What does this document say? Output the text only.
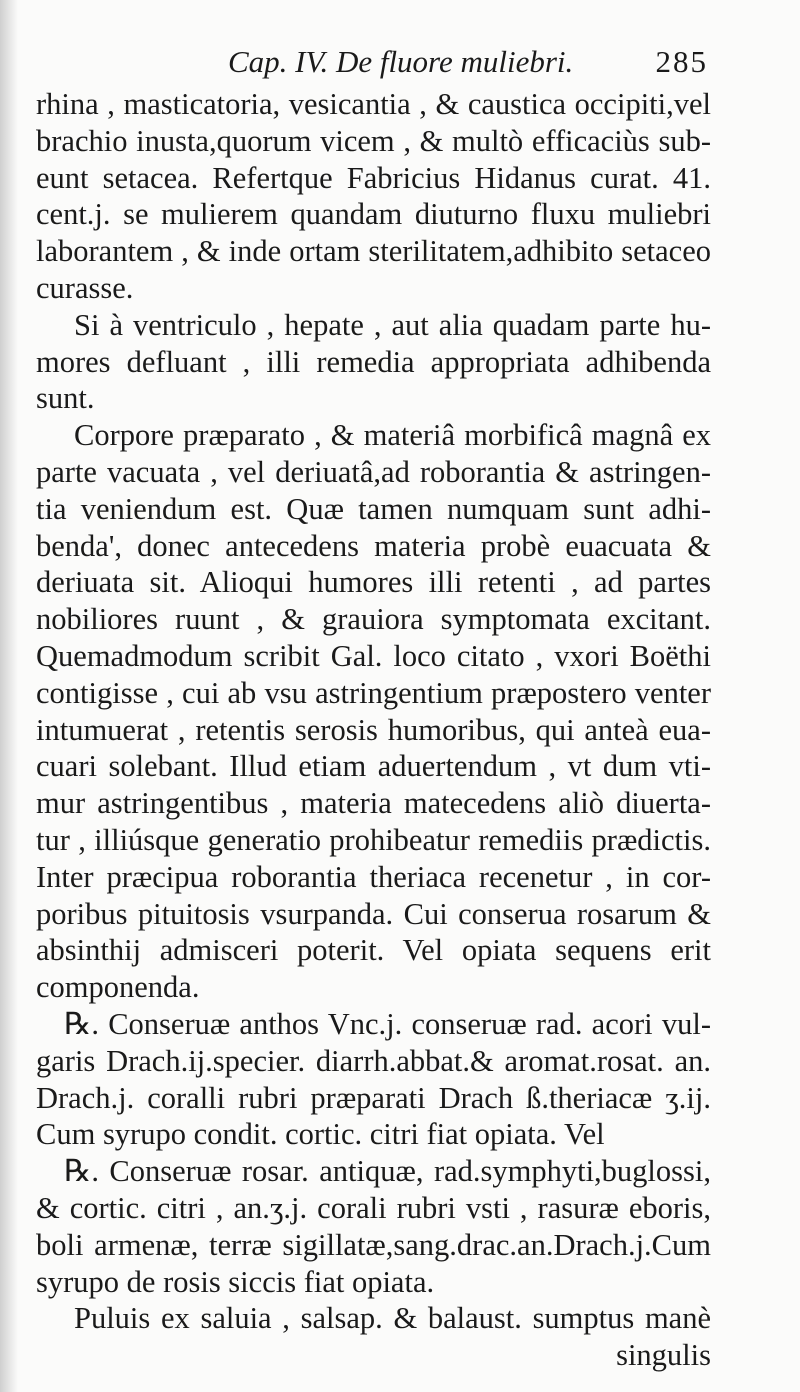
Cap. IV. De fluore muliebri.	285
rhina , masticatoria, vesicantia , & caustica occipiti,vel
brachio inusta,quorum vicem , & multò efficaciùs sub-
eunt setacea. Refertque Fabricius Hidanus curat. 41.
cent.j. se mulierem quandam diuturno fluxu muliebri
laborantem , & inde ortam sterilitatem,adhibito setaceo
curasse.
Si à ventriculo , hepate , aut alia quadam parte hu-
mores defluant , illi remedia appropriata adhibenda
sunt.
Corpore præparato , & materiâ morbificâ magnâ ex
parte vacuata , vel deriuatâ,ad roborantia & astringen-
tia veniendum est. Quæ tamen numquam sunt adhi-
benda', donec antecedens materia probè euacuata &
deriuata sit. Alioqui humores illi retenti , ad partes
nobiliores ruunt , & grauiora symptomata excitant.
Quemadmodum scribit Gal. loco citato , vxori Boëthi
contigisse , cui ab vsu astringentium præpostero venter
intumuerat , retentis serosis humoribus, qui anteà eua-
cuari solebant. Illud etiam aduertendum , vt dum vti-
mur astringentibus , materia matecedens aliò diuerta-
tur , illiúsque generatio prohibeatur remediis prædictis.
Inter præcipua roborantia theriaca recenetur , in cor-
poribus pituitosis vsurpanda. Cui conserua rosarum &
absinthij admisceri poterit. Vel opiata sequens erit
componenda.
℞. Conseruæ anthos Vnc.j. conseruæ rad. acori vul-
garis Drach.ij.specier. diarrh.abbat.& aromat.rosat. an.
Drach.j. coralli rubri præparati Drach ß.theriacæ ʒ.ij.
Cum syrupo condit. cortic. citri fiat opiata. Vel
℞. Conseruæ rosar. antiquæ, rad.symphyti,buglossi,
& cortic. citri , an.ʒ.j. corali rubri vsti , rasuræ eboris,
boli armenæ, terræ sigillatæ,sang.drac.an.Drach.j.Cum
syrupo de rosis siccis fiat opiata.
Puluis ex saluia , salsap. & balaust. sumptus manè
singulis
